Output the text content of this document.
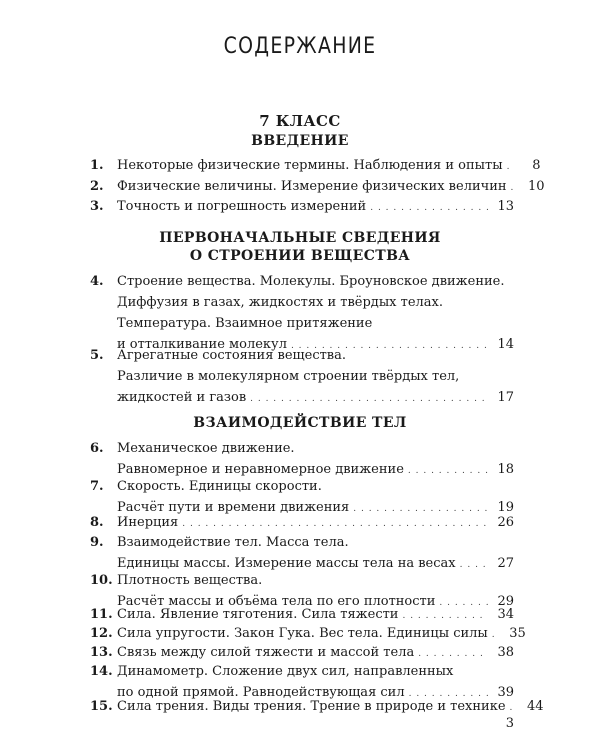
СОДЕРЖАНИЕ
7 КЛАСС
ВВЕДЕНИЕ
1.	Некоторые физические термины. Наблюдения и опыты . . .	8
2.	Физические величины. Измерение физических величин . . .	10
3.	Точность и погрешность измерений . . .	13
ПЕРВОНАЧАЛЬНЫЕ СВЕДЕНИЯ
О СТРОЕНИИ ВЕЩЕСТВА
4.	Строение вещества. Молекулы. Броуновское движение.
Диффузия в газах, жидкостях и твёрдых телах.
Температура. Взаимное притяжение
и отталкивание молекул . . .	14
5.	Агрегатные состояния вещества.
Различие в молекулярном строении твёрдых тел,
жидкостей и газов . . .	17
ВЗАИМОДЕЙСТВИЕ ТЕЛ
6.	Механическое движение.
Равномерное и неравномерное движение . . .	18
7.	Скорость. Единицы скорости.
Расчёт пути и времени движения . . .	19
8.	Инерция . . .	26
9.	Взаимодействие тел. Масса тела.
Единицы массы. Измерение массы тела на весах . . .	27
10. Плотность вещества.
Расчёт массы и объёма тела по его плотности . . .	29
11. Сила. Явление тяготения. Сила тяжести . . .	34
12. Сила упругости. Закон Гука. Вес тела. Единицы силы . . .	35
13. Связь между силой тяжести и массой тела . . .	38
14. Динамометр. Сложение двух сил, направленных
по одной прямой. Равнодействующая сил . . .	39
15. Сила трения. Виды трения. Трение в природе и технике . . .	44
3
